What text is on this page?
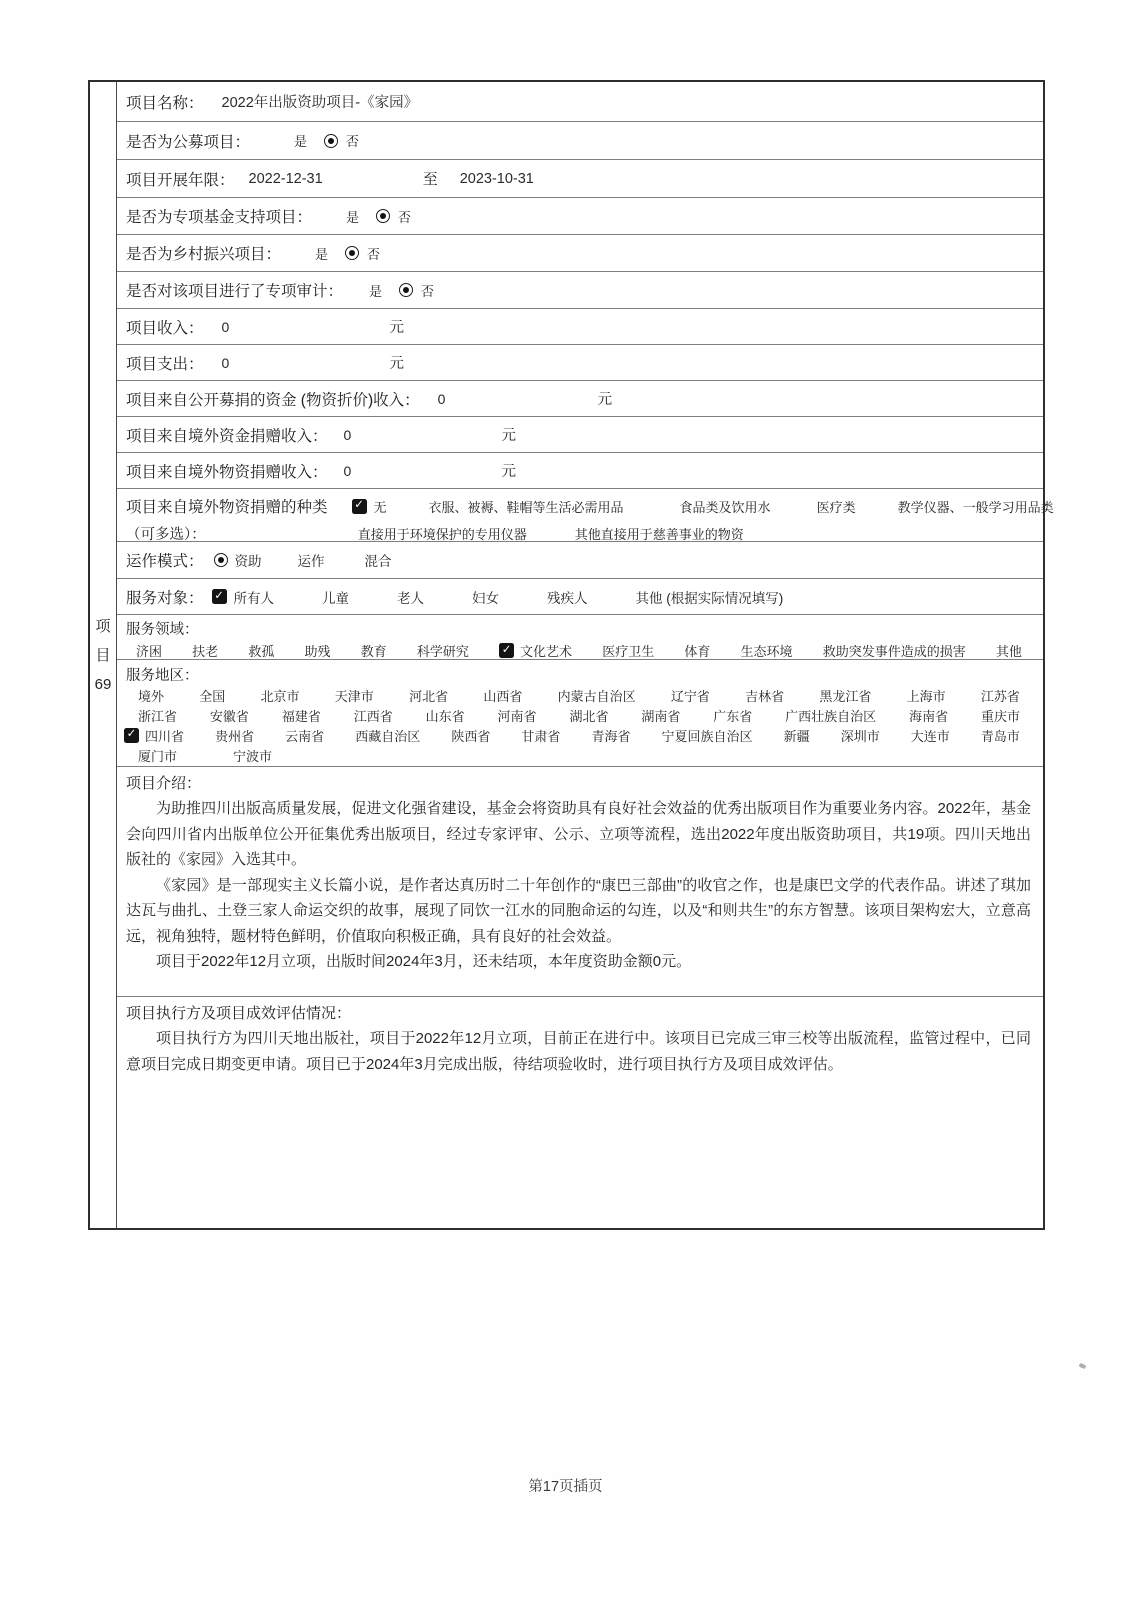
项
目
69
项目名称： 2022年出版资助项目-《家园》
是否为公募项目：	是	否
项目开展年限： 2022-12-31	至 2023-10-31
是否为专项基金支持项目：	是	否
是否为乡村振兴项目：	是	否
是否对该项目进行了专项审计： 是	否
项目收入： 0	元
项目支出： 0	元
项目来自公开募捐的资金 (物资折价)收入： 0	元
项目来自境外资金捐赠收入： 0	元
项目来自境外物资捐赠收入： 0	元
项目来自境外物资捐赠的种类 ✓	无	衣服、被褥、鞋帽等生活必需用品	食品类及饮用水	医疗类	教学仪器、一般学习用品类
（可多选）：	直接用于环境保护的专用仪器	其他直接用于慈善事业的物资
运作模式： 资助	运作	混合
服务对象： ✓ 所有人	儿童	老人	妇女	残疾人	其他 (根据实际情况填写)
服务领域：
济困 扶老 救孤 助残 教育 科学研究 ✓	文化艺术 医疗卫生 体育 生态环境 救助突发事件造成的损害 其他
服务地区：
境外	全国	北京市	天津市	河北省	山西省	内蒙古自治区	辽宁省	吉林省	黑龙江省	上海市	江苏省
浙江省	安徽省	福建省	江西省	山东省	河南省	湖北省	湖南省	广东省	广西壮族自治区	海南省	重庆市
✓
四川省 贵州省 云南省 西藏自治区 陕西省 甘肃省 青海省 宁夏回族自治区 新疆 深圳市 大连市 青岛市
厦门市	宁波市
项目介绍：

为助推四川出版高质量发展，促进文化强省建设，基金会将资助具有良好社会效益的优秀出版项目作为重要业务内容。2022年，基金会向四川省内出版单位公开征集优秀出版项目，经过专家评审、公示、立项等流程，选出2022年度出版资助项目，共19项。四川天地出版社的《家园》入选其中。

《家园》是一部现实主义长篇小说，是作者达真历时二十年创作的“康巴三部曲”的收官之作，也是康巴文学的代表作品。讲述了琪加达瓦与曲扎、土登三家人命运交织的故事，展现了同饮一江水的同胞命运的勾连，以及“和则共生”的东方智慧。该项目架构宏大，立意高远，视角独特，题材特色鲜明，价值取向积极正确，具有良好的社会效益。

项目于2022年12月立项，出版时间2024年3月，还未结项，本年度资助金额0元。

项目执行方及项目成效评估情况：

项目执行方为四川天地出版社，项目于2022年12月立项，目前正在进行中。该项目已完成三审三校等出版流程，监管过程中，已同意项目完成日期变更申请。项目已于2024年3月完成出版，待结项验收时，进行项目执行方及项目成效评估。

第17页插页
